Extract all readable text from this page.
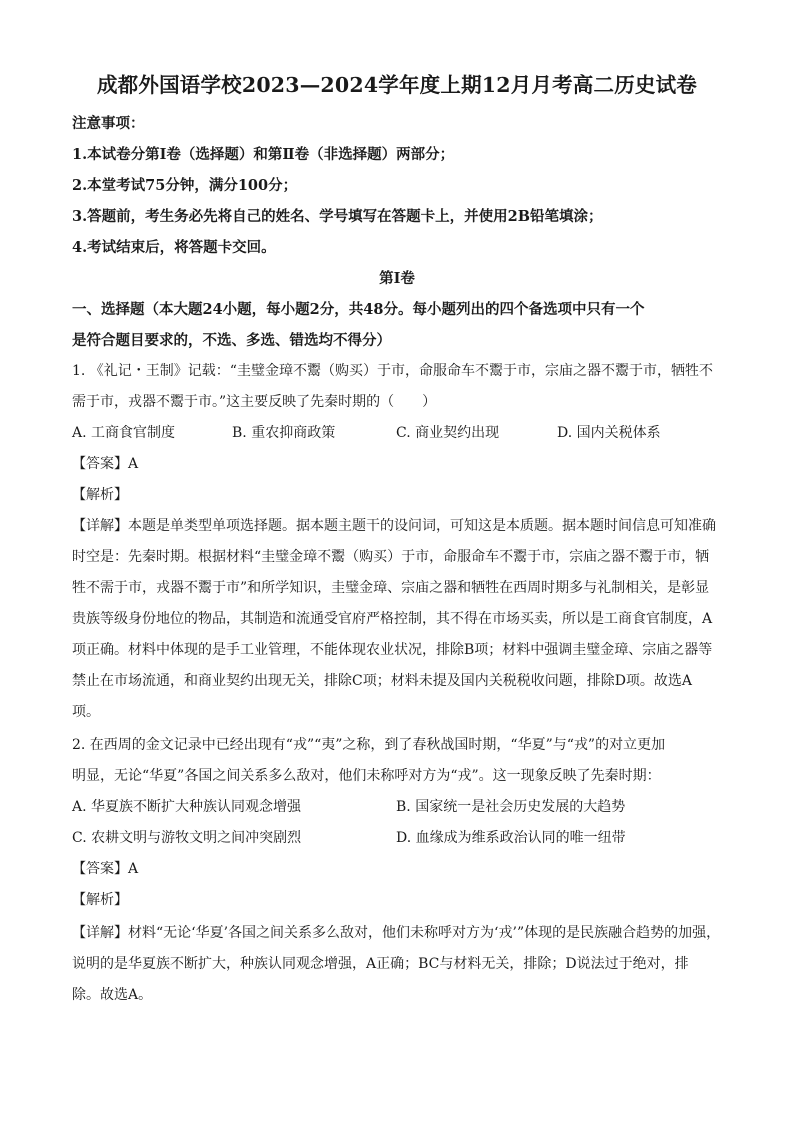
成都外国语学校2023—2024学年度上期12月月考高二历史试卷
注意事项：
1.本试卷分第Ⅰ卷（选择题）和第Ⅱ卷（非选择题）两部分；
2.本堂考试75分钟，满分100分；
3.答题前，考生务必先将自己的姓名、学号填写在答题卡上，并使用2B铅笔填涂；
4.考试结束后，将答题卡交回。
第Ⅰ卷
一、选择题（本大题24小题，每小题2分，共48分。每小题列出的四个备选项中只有一个
是符合题目要求的，不选、多选、错选均不得分）
1. 《礼记・王制》记载：“圭璧金璋不鬻（购买）于市，命服命车不鬻于市，宗庙之器不鬻于市，牺牲不
需于市，戎器不鬻于市。”这主要反映了先秦时期的（　　）
A. 工商食官制度	B. 重农抑商政策	C. 商业契约出现	D. 国内关税体系
【答案】A
【解析】
【详解】本题是单类型单项选择题。据本题主题干的设问词，可知这是本质题。据本题时间信息可知准确
时空是：先秦时期。根据材料“圭璧金璋不鬻（购买）于市，命服命车不鬻于市，宗庙之器不鬻于市，牺
牲不需于市，戎器不鬻于市”和所学知识，圭璧金璋、宗庙之器和牺牲在西周时期多与礼制相关，是彰显
贵族等级身份地位的物品，其制造和流通受官府严格控制，其不得在市场买卖，所以是工商食官制度，A
项正确。材料中体现的是手工业管理，不能体现农业状况，排除B项；材料中强调圭璧金璋、宗庙之器等
禁止在市场流通，和商业契约出现无关，排除C项；材料未提及国内关税税收问题，排除D项。故选A
项。
2. 在西周的金文记录中已经出现有“戎”“夷”之称，到了春秋战国时期，“华夏”与“戎”的对立更加
明显，无论“华夏”各国之间关系多么敌对，他们未称呼对方为“戎”。这一现象反映了先秦时期：
A. 华夏族不断扩大种族认同观念增强	B. 国家统一是社会历史发展的大趋势
C. 农耕文明与游牧文明之间冲突剧烈	D. 血缘成为维系政治认同的唯一纽带
【答案】A
【解析】
【详解】材料“无论‘华夏’各国之间关系多么敌对，他们未称呼对方为‘戎’”体现的是民族融合趋势的加强，
说明的是华夏族不断扩大，种族认同观念增强，A正确；BC与材料无关，排除；D说法过于绝对，排
除。故选A。
